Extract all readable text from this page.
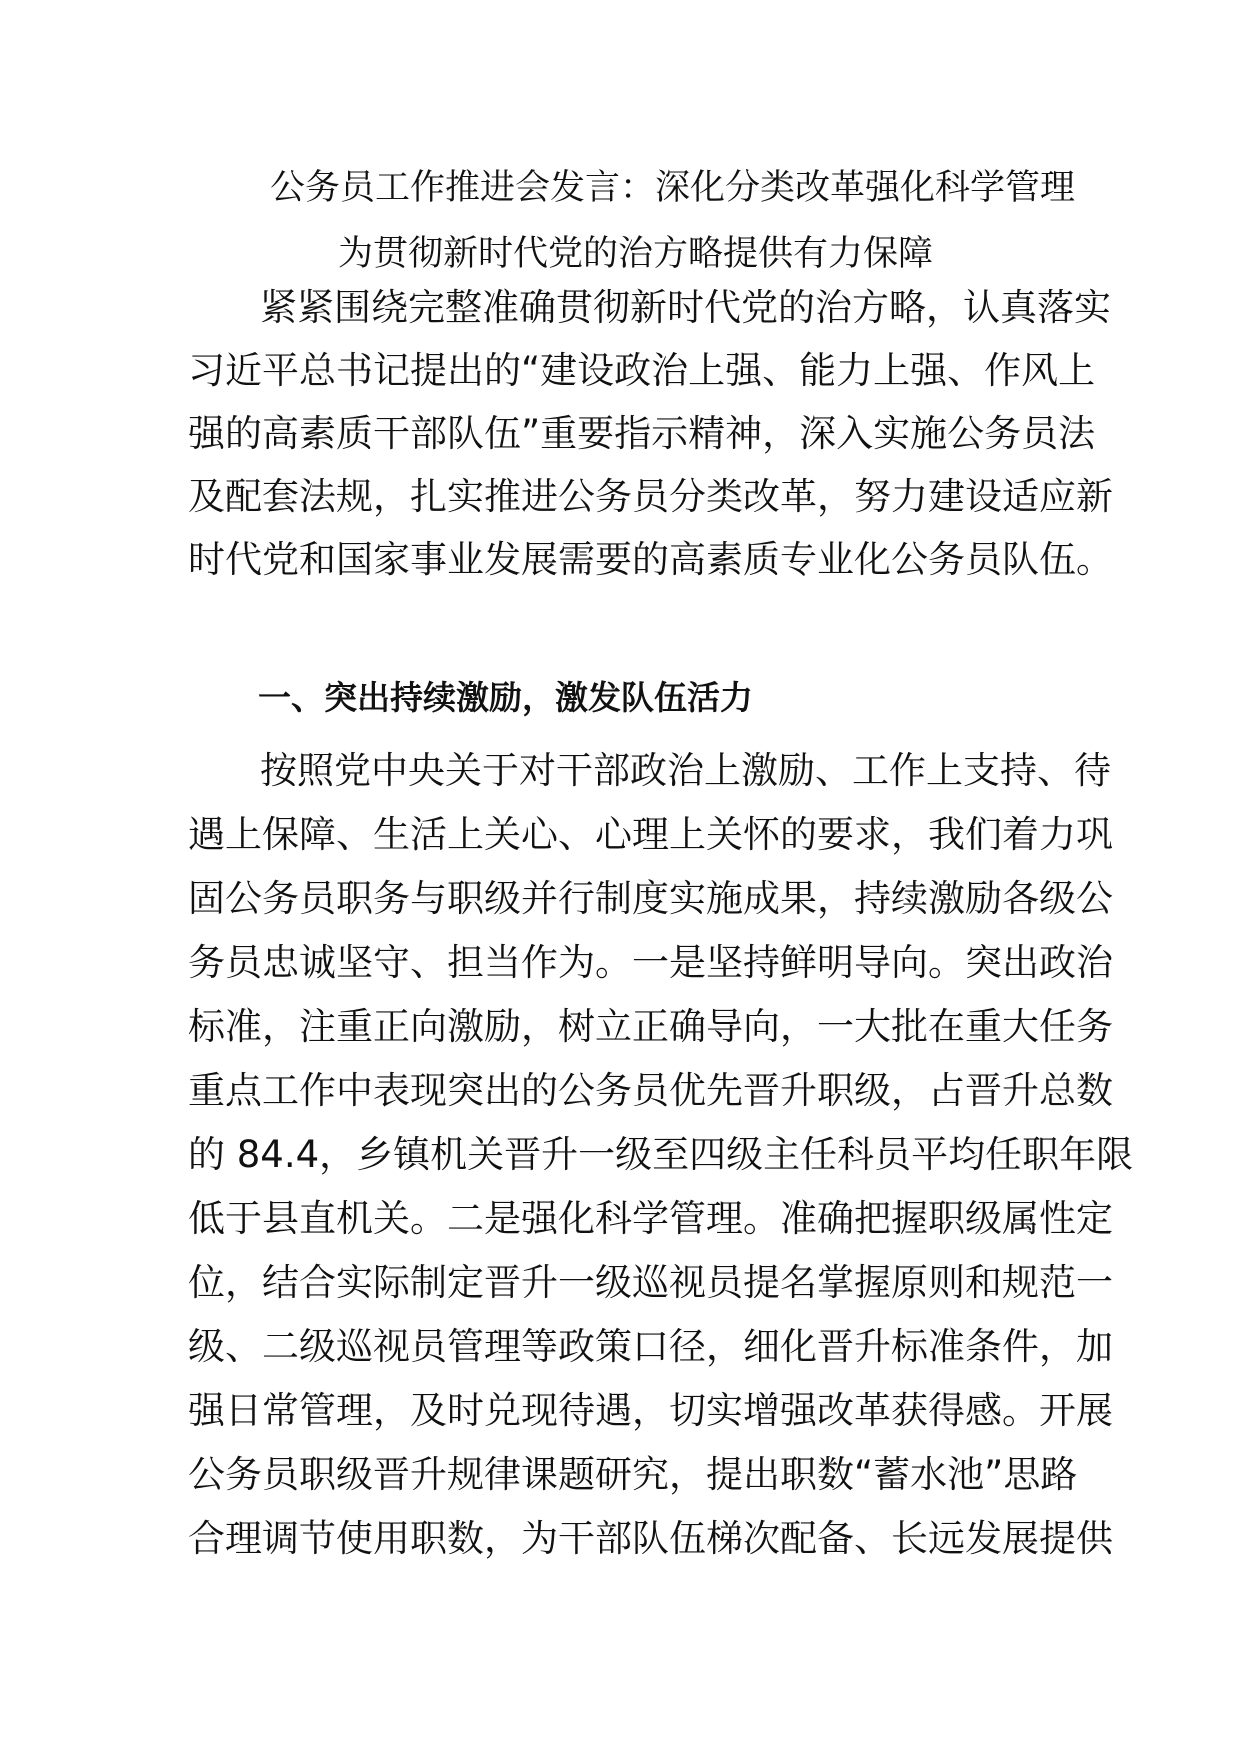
公务员工作推进会发言：深化分类改革强化科学管理
为贯彻新时代党的治方略提供有力保障
紧紧围绕完整准确贯彻新时代党的治方略，认真落实
习近平总书记提出的“建设政治上强、能力上强、作风上
强的高素质干部队伍”重要指示精神，深入实施公务员法
及配套法规，扎实推进公务员分类改革，努力建设适应新
时代党和国家事业发展需要的高素质专业化公务员队伍。
一、突出持续激励，激发队伍活力
按照党中央关于对干部政治上激励、工作上支持、待
遇上保障、生活上关心、心理上关怀的要求，我们着力巩
固公务员职务与职级并行制度实施成果，持续激励各级公
务员忠诚坚守、担当作为。一是坚持鲜明导向。突出政治
标准，注重正向激励，树立正确导向，一大批在重大任务
重点工作中表现突出的公务员优先晋升职级，占晋升总数
的 84.4，乡镇机关晋升一级至四级主任科员平均任职年限
低于县直机关。二是强化科学管理。准确把握职级属性定
位，结合实际制定晋升一级巡视员提名掌握原则和规范一
级、二级巡视员管理等政策口径，细化晋升标准条件，加
强日常管理，及时兑现待遇，切实增强改革获得感。开展
公务员职级晋升规律课题研究，提出职数“蓄水池”思路
合理调节使用职数，为干部队伍梯次配备、长远发展提供
